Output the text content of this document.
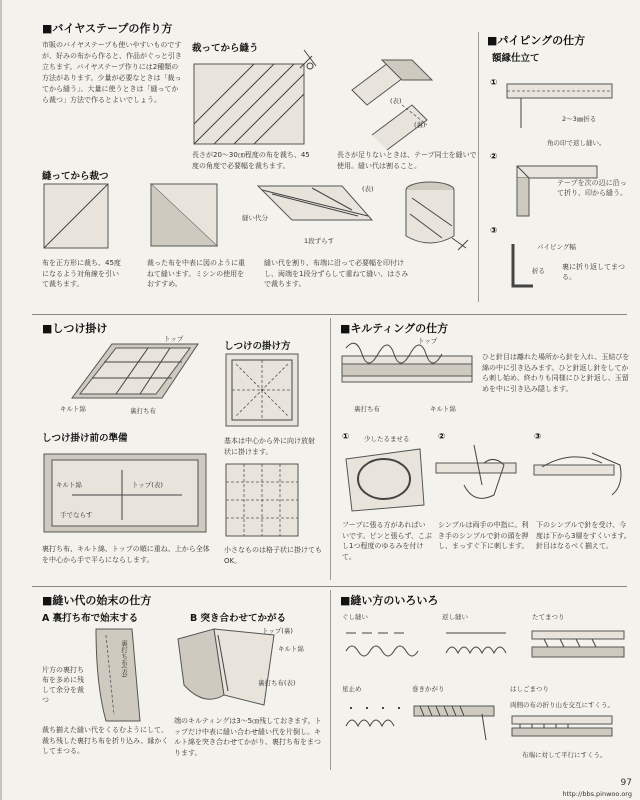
■バイヤステープの作り方
市販のバイヤステープも使いやすいものですが、好みの布から作ると、作品がぐっと引き立ちます。バイヤステープ作りには2種類の方法があります。少量が必要なときは「裁ってから縫う」、大量に使うときは「縫ってから裁つ」方法で作るとよいでしょう。
裁ってから縫う
長さが20～30㎝程度の布を裁ち、45度の角度で必要幅を裁ちます。
(表)
(裏)
長さが足りないときは、テープ同士を縫いで使用。縫い代は割ること。
縫ってから裁つ
縫い代分
1段ずらす
(表)
布を正方形に裁ち、45度になるよう対角線を引いて裁ちます。
裁った布を中表に図のように重ねて縫います。ミシンの使用をおすすめ。
縫い代を割り、布端に沿って必要幅を印付けし、両端を1段分ずらして重ねて縫い、はさみで裁ちます。
■パイピングの仕方
額縁仕立て
①
2～3㎜折る
角の印で返し縫い。
②
テープを次の辺に沿って折り、印から縫う。
③
パイピング幅
折る 裏に折り返してまつる。
■しつけ掛け
トップ
キルト綿	裏打ち布
しつけの掛け方
基本は中心から外に向け放射状に掛けます。
しつけ掛け前の準備
キルト綿	トップ(表)
手でならす
裏打ち布、キルト綿、トップの順に重ね、上から全体を中心から手で平らにならします。
小さなものは格子状に掛けてもOK。
■キルティングの仕方
トップ
裏打ち布	キルト綿
ひと針目は離れた場所から針を入れ、玉結びを綿の中に引き込みます。ひと針返し針をしてから刺し始め、終わりも同様にひと針返し、玉留めを中に引き込み隠します。
① 少したるませる	②	③
フープに張る方があればいいです。ピンと張らず、こぶし1つ程度のゆるみを付けて。
シンブルは両手の中指に。利き手のシンブルで針の頭を押し、まっすぐ下に刺します。
下のシンブルで針を受け、今度は下から3層をすくいます。針目はなるべく揃えて。
■縫い代の始末の仕方
A 裏打ち布で始末する	B 突き合わせてかがる
裏打ち布(表)
片方の裏打ち布を多めに残して余分を裁つ
裁ち揃えた縫い代をくるむようにして、裁ち残した裏打ち布を折り込み、縁かくしてまつる。
トップ(裏)
キルト綿
裏打ち布(表)
端のキルティングは3～5㎝残しておきます。トップだけ中表に縫い合わせ縫い代を片倒し。キルト綿を突き合わせてかがり、裏打ち布をまつります。
■縫い方のいろいろ
ぐし縫い	返し縫い	たてまつり
星止め	巻きかがり	はしごまつり
両側の布の折り山を交互にすくう。
布端に対して平行にすくう。
97
http://bbs.pinwoo.org
